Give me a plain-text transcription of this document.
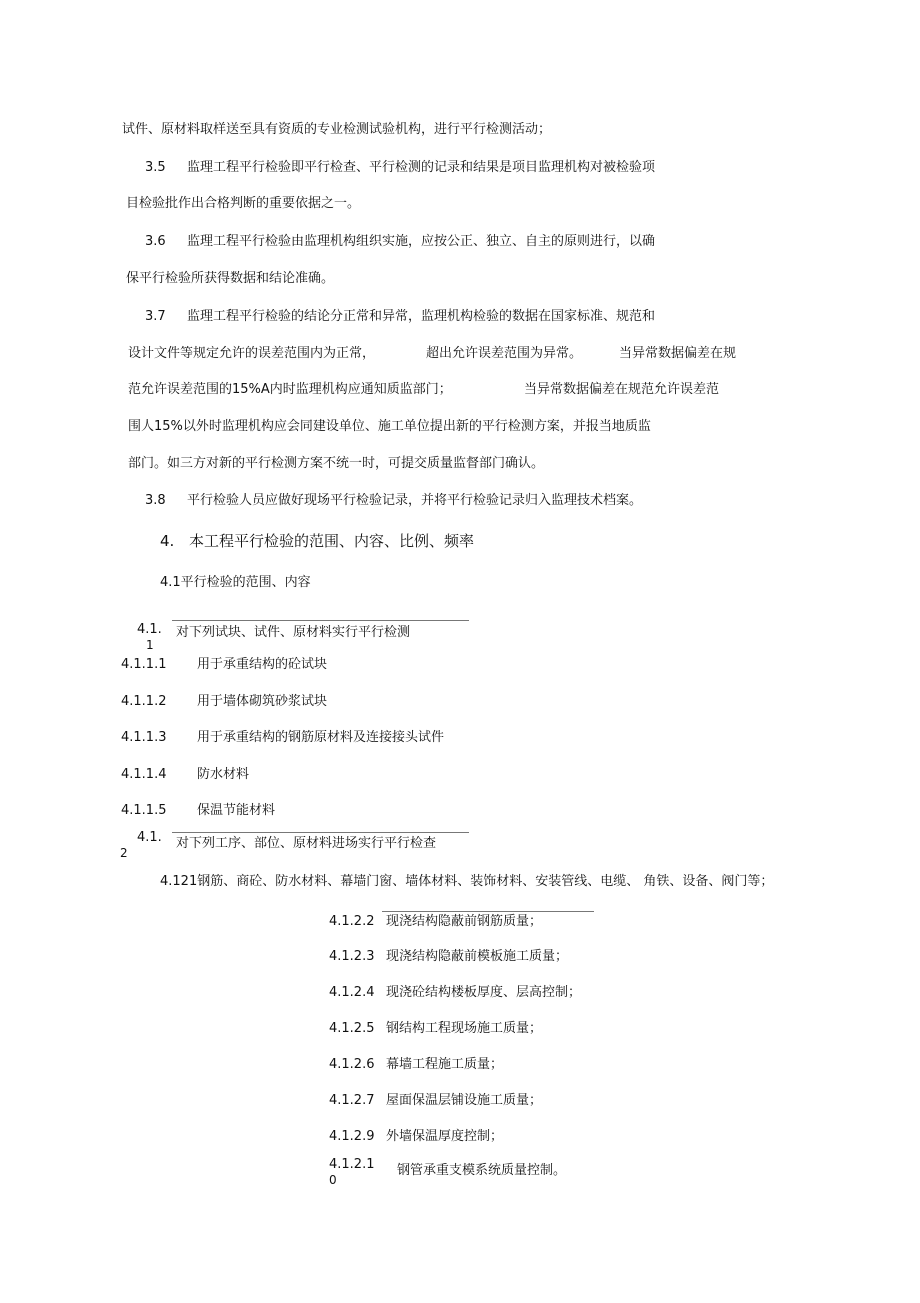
试件、原材料取样送至具有资质的专业检测试验机构，进行平行检测活动；
3.5 监理工程平行检验即平行检查、平行检测的记录和结果是项目监理机构对被检验项
目检验批作出合格判断的重要依据之一。
3.6 监理工程平行检验由监理机构组织实施，应按公正、独立、自主的原则进行，以确
保平行检验所获得数据和结论准确。
3.7 监理工程平行检验的结论分正常和异常，监理机构检验的数据在国家标准、规范和
设计文件等规定允许的误差范围内为正常，	超出允许误差范围为异常。	当异常数据偏差在规
范允许误差范围的15%A内时监理机构应通知质监部门；	当异常数据偏差在规范允许误差范
围人15%以外时监理机构应会同建设单位、施工单位提出新的平行检测方案，并报当地质监
部门。如三方对新的平行检测方案不统一时，可提交质量监督部门确认。
3.8 平行检验人员应做好现场平行检验记录，并将平行检验记录归入监理技术档案。
4. 本工程平行检验的范围、内容、比例、频率
4.1平行检验的范围、内容
4.1.
1
对下列试块、试件、原材料实行平行检测
4.1.1.1 用于承重结构的砼试块
4.1.1.2 用于墙体砌筑砂浆试块
4.1.1.3 用于承重结构的钢筋原材料及连接接头试件
4.1.1.4 防水材料
4.1.1.5 保温节能材料
4.1.
2
对下列工序、部位、原材料进场实行平行检查
4.121钢筋、商砼、防水材料、幕墙门窗、墙体材料、装饰材料、安装管线、电缆、 角铁、设备、阀门等；
4.1.2.2 现浇结构隐蔽前钢筋质量；
4.1.2.3 现浇结构隐蔽前模板施工质量；
4.1.2.4 现浇砼结构楼板厚度、层高控制；
4.1.2.5 钢结构工程现场施工质量；
4.1.2.6 幕墙工程施工质量；
4.1.2.7 屋面保温层铺设施工质量；
4.1.2.9 外墙保温厚度控制；
4.1.2.1
0
钢管承重支模系统质量控制。
